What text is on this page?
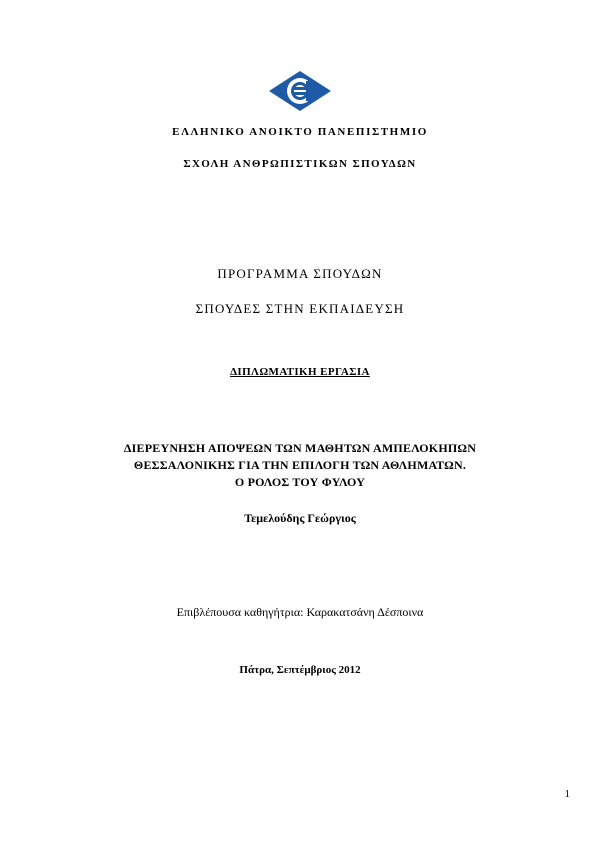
ΕΛΛΗΝΙΚΟ ΑΝΟΙΚΤΟ ΠΑΝΕΠΙΣΤΗΜΙΟ
ΣΧΟΛΗ ΑΝΘΡΩΠΙΣΤΙΚΩΝ ΣΠΟΥΔΩΝ
ΠΡΟΓΡΑΜΜΑ ΣΠΟΥΔΩΝ
ΣΠΟΥΔΕΣ ΣΤΗΝ ΕΚΠΑΙΔΕΥΣΗ
ΔΙΠΛΩΜΑΤΙΚΗ ΕΡΓΑΣΙΑ
ΔΙΕΡΕΥΝΗΣΗ ΑΠΟΨΕΩΝ ΤΩΝ ΜΑΘΗΤΩΝ ΑΜΠΕΛΟΚΗΠΩΝ
ΘΕΣΣΑΛΟΝΙΚΗΣ ΓΙΑ ΤΗΝ ΕΠΙΛΟΓΗ ΤΩΝ ΑΘΛΗΜΑΤΩΝ.
Ο ΡΟΛΟΣ ΤΟΥ ΦΥΛΟΥ
Τεμελούδης Γεώργιος
Επιβλέπουσα καθηγήτρια: Καρακατσάνη Δέσποινα
Πάτρα, Σεπτέμβριος 2012
1
